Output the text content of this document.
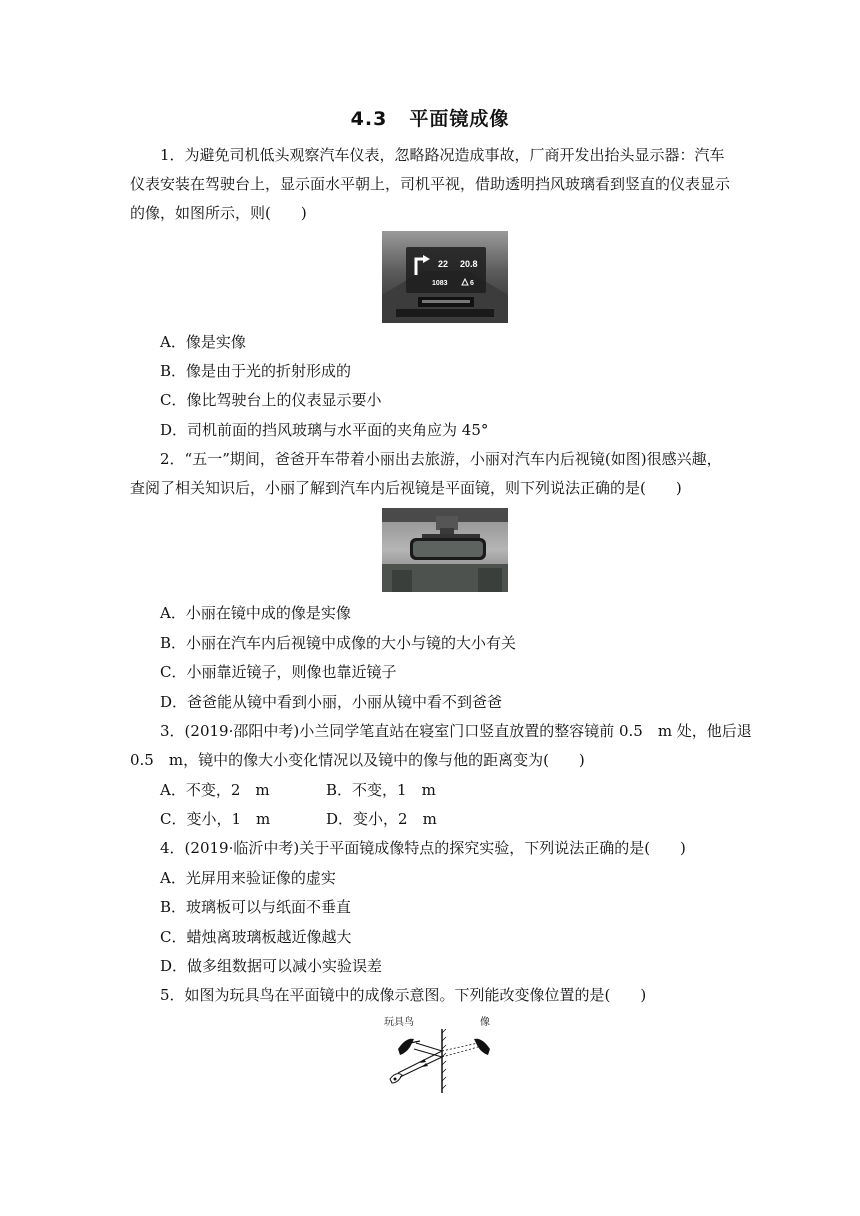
4.3 平面镜成像
1．为避免司机低头观察汽车仪表，忽略路况造成事故，厂商开发出抬头显示器：汽车
仪表安装在驾驶台上，显示面水平朝上，司机平视，借助透明挡风玻璃看到竖直的仪表显示
的像，如图所示，则(　　)
22 20.8
1083	6
A．像是实像
B．像是由于光的折射形成的
C．像比驾驶台上的仪表显示要小
D．司机前面的挡风玻璃与水平面的夹角应为 45°
2．“五一”期间，爸爸开车带着小丽出去旅游，小丽对汽车内后视镜(如图)很感兴趣，
查阅了相关知识后，小丽了解到汽车内后视镜是平面镜，则下列说法正确的是(　　)
A．小丽在镜中成的像是实像
B．小丽在汽车内后视镜中成像的大小与镜的大小有关
C．小丽靠近镜子，则像也靠近镜子
D．爸爸能从镜中看到小丽，小丽从镜中看不到爸爸
3．(2019·邵阳中考)小兰同学笔直站在寝室门口竖直放置的整容镜前 0.5　m 处，他后退
0.5　m，镜中的像大小变化情况以及镜中的像与他的距离变为(　　)
A．不变，2　m	B．不变，1　m
C．变小，1　m	D．变小，2　m
4．(2019·临沂中考)关于平面镜成像特点的探究实验，下列说法正确的是(　　)
A．光屏用来验证像的虚实
B．玻璃板可以与纸面不垂直
C．蜡烛离玻璃板越近像越大
D．做多组数据可以减小实验误差
5．如图为玩具鸟在平面镜中的成像示意图。下列能改变像位置的是(　　)
玩具鸟	像
